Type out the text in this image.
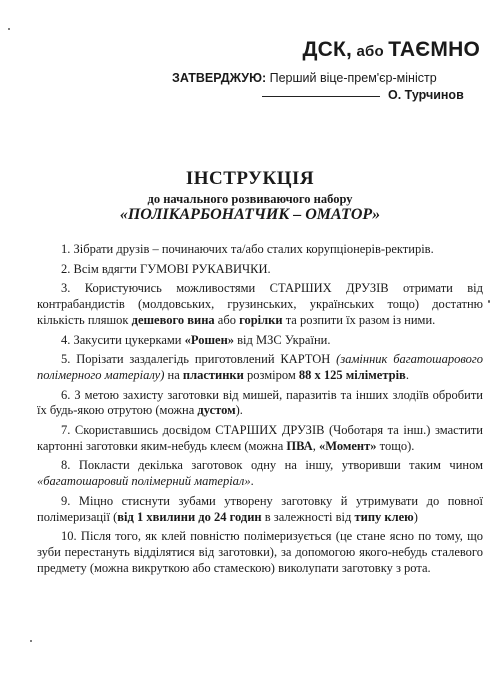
ДСК, або ТАЄМНО
ЗАТВЕРДЖУЮ: Перший віце-прем'єр-міністр
О. Турчинов
ІНСТРУКЦІЯ
до начального розвиваючого набору
«ПОЛІКАРБОНАТЧИК – ОМАТОР»

1. Зібрати друзів – починаючих та/або сталих корупціонерів-ректирів.

2. Всім вдягти ГУМОВІ РУКАВИЧКИ.

3. Користуючись можливостями СТАРШИХ ДРУЗІВ отримати від контрабандистів (молдовських, грузинських, українських тощо) достатню кількість пляшок дешевого вина або горілки та розпити їх разом із ними.

4. Закусити цукерками «Рошен» від МЗС України.

5. Порізати заздалегідь приготовлений КАРТОН (замінник багатошарового полімерного матеріалу) на пластинки розміром 88 х 125 міліметрів.

6. З метою захисту заготовки від мишей, паразитів та інших злодіїв обробити їх будь-якою отрутою (можна дустом).

7. Скориставшись досвідом СТАРШИХ ДРУЗІВ (Чоботаря та інш.) змастити картонні заготовки яким-небудь клеєм (можна ПВА, «Момент» тощо).

8. Покласти декілька заготовок одну на іншу, утворивши таким чином «багатошаровий полімерний матеріал».

9. Міцно стиснути зубами утворену заготовку й утримувати до повної полімеризації (від 1 хвилини до 24 годин в залежності від типу клею)

10. Після того, як клей повністю полімеризується (це стане ясно по тому, що зуби перестануть відділятися від заготовки), за допомогою якого-небудь сталевого предмету (можна викруткою або стамескою) виколупати заготовку з рота.
